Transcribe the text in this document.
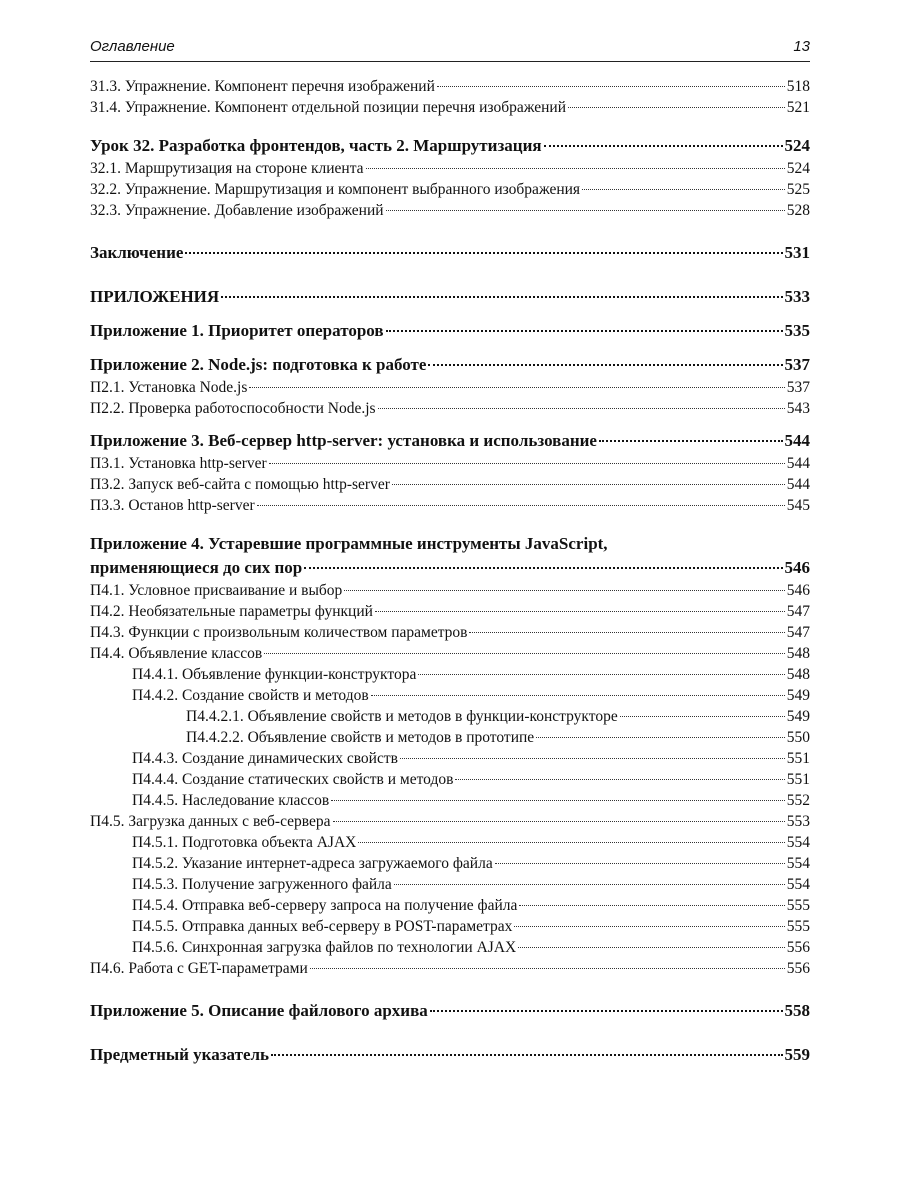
Оглавление	13
31.3. Упражнение. Компонент перечня изображений	518
31.4. Упражнение. Компонент отдельной позиции перечня изображений	521
Урок 32. Разработка фронтендов, часть 2. Маршрутизация	524
32.1. Маршрутизация на стороне клиента	524
32.2. Упражнение. Маршрутизация и компонент выбранного изображения	525
32.3. Упражнение. Добавление изображений	528
Заключение	531
ПРИЛОЖЕНИЯ	533
Приложение 1. Приоритет операторов	535
Приложение 2. Node.js: подготовка к работе	537
П2.1. Установка Node.js	537
П2.2. Проверка работоспособности Node.js	543
Приложение 3. Веб-сервер http-server: установка и использование	544
П3.1. Установка http-server	544
П3.2. Запуск веб-сайта с помощью http-server	544
П3.3. Останов http-server	545
Приложение 4. Устаревшие программные инструменты JavaScript,
применяющиеся до сих пор	546
П4.1. Условное присваивание и выбор	546
П4.2. Необязательные параметры функций	547
П4.3. Функции с произвольным количеством параметров	547
П4.4. Объявление классов	548
П4.4.1. Объявление функции-конструктора	548
П4.4.2. Создание свойств и методов	549
П4.4.2.1. Объявление свойств и методов в функции-конструкторе	549
П4.4.2.2. Объявление свойств и методов в прототипе	550
П4.4.3. Создание динамических свойств	551
П4.4.4. Создание статических свойств и методов	551
П4.4.5. Наследование классов	552
П4.5. Загрузка данных с веб-сервера	553
П4.5.1. Подготовка объекта AJAX	554
П4.5.2. Указание интернет-адреса загружаемого файла	554
П4.5.3. Получение загруженного файла	554
П4.5.4. Отправка веб-серверу запроса на получение файла	555
П4.5.5. Отправка данных веб-серверу в POST-параметрах	555
П4.5.6. Синхронная загрузка файлов по технологии AJAX	556
П4.6. Работа с GET-параметрами	556
Приложение 5. Описание файлового архива	558
Предметный указатель	559
